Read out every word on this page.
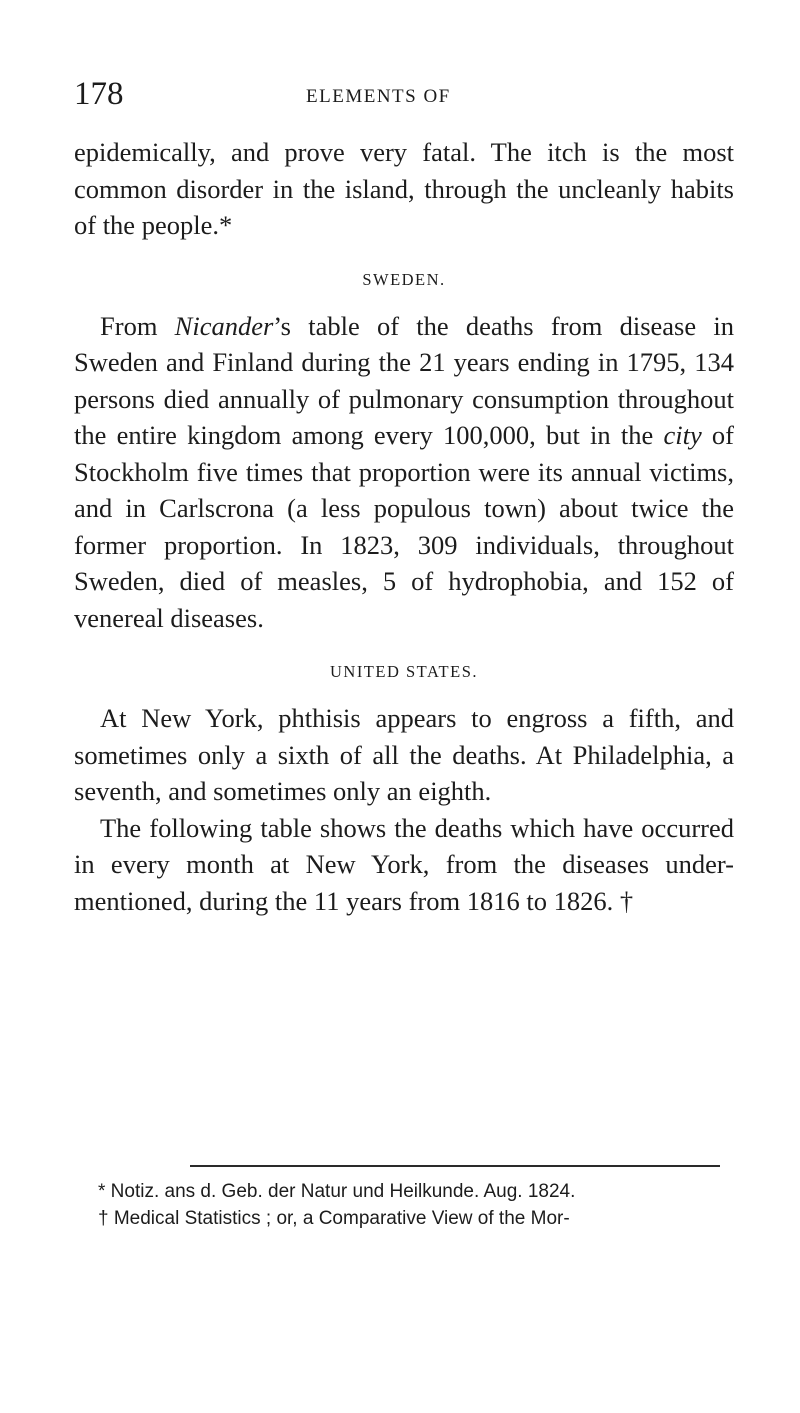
178	ELEMENTS OF

epidemically, and prove very fatal. The itch is the most common disorder in the island, through the uncleanly habits of the people.*

SWEDEN.

From Nicander’s table of the deaths from disease in Sweden and Finland during the 21 years ending in 1795, 134 persons died annually of pulmonary consumption throughout the entire kingdom among every 100,000, but in the city of Stockholm five times that proportion were its annual victims, and in Carlscrona (a less populous town) about twice the former proportion. In 1823, 309 individuals, throughout Sweden, died of measles, 5 of hydrophobia, and 152 of venereal diseases.

UNITED STATES.

At New York, phthisis appears to engross a fifth, and sometimes only a sixth of all the deaths. At Philadelphia, a seventh, and sometimes only an eighth.

The following table shows the deaths which have occurred in every month at New York, from the diseases under-mentioned, during the 11 years from 1816 to 1826. †

* Notiz. ans d. Geb. der Natur und Heilkunde. Aug. 1824.

† Medical Statistics ; or, a Comparative View of the Mor-
